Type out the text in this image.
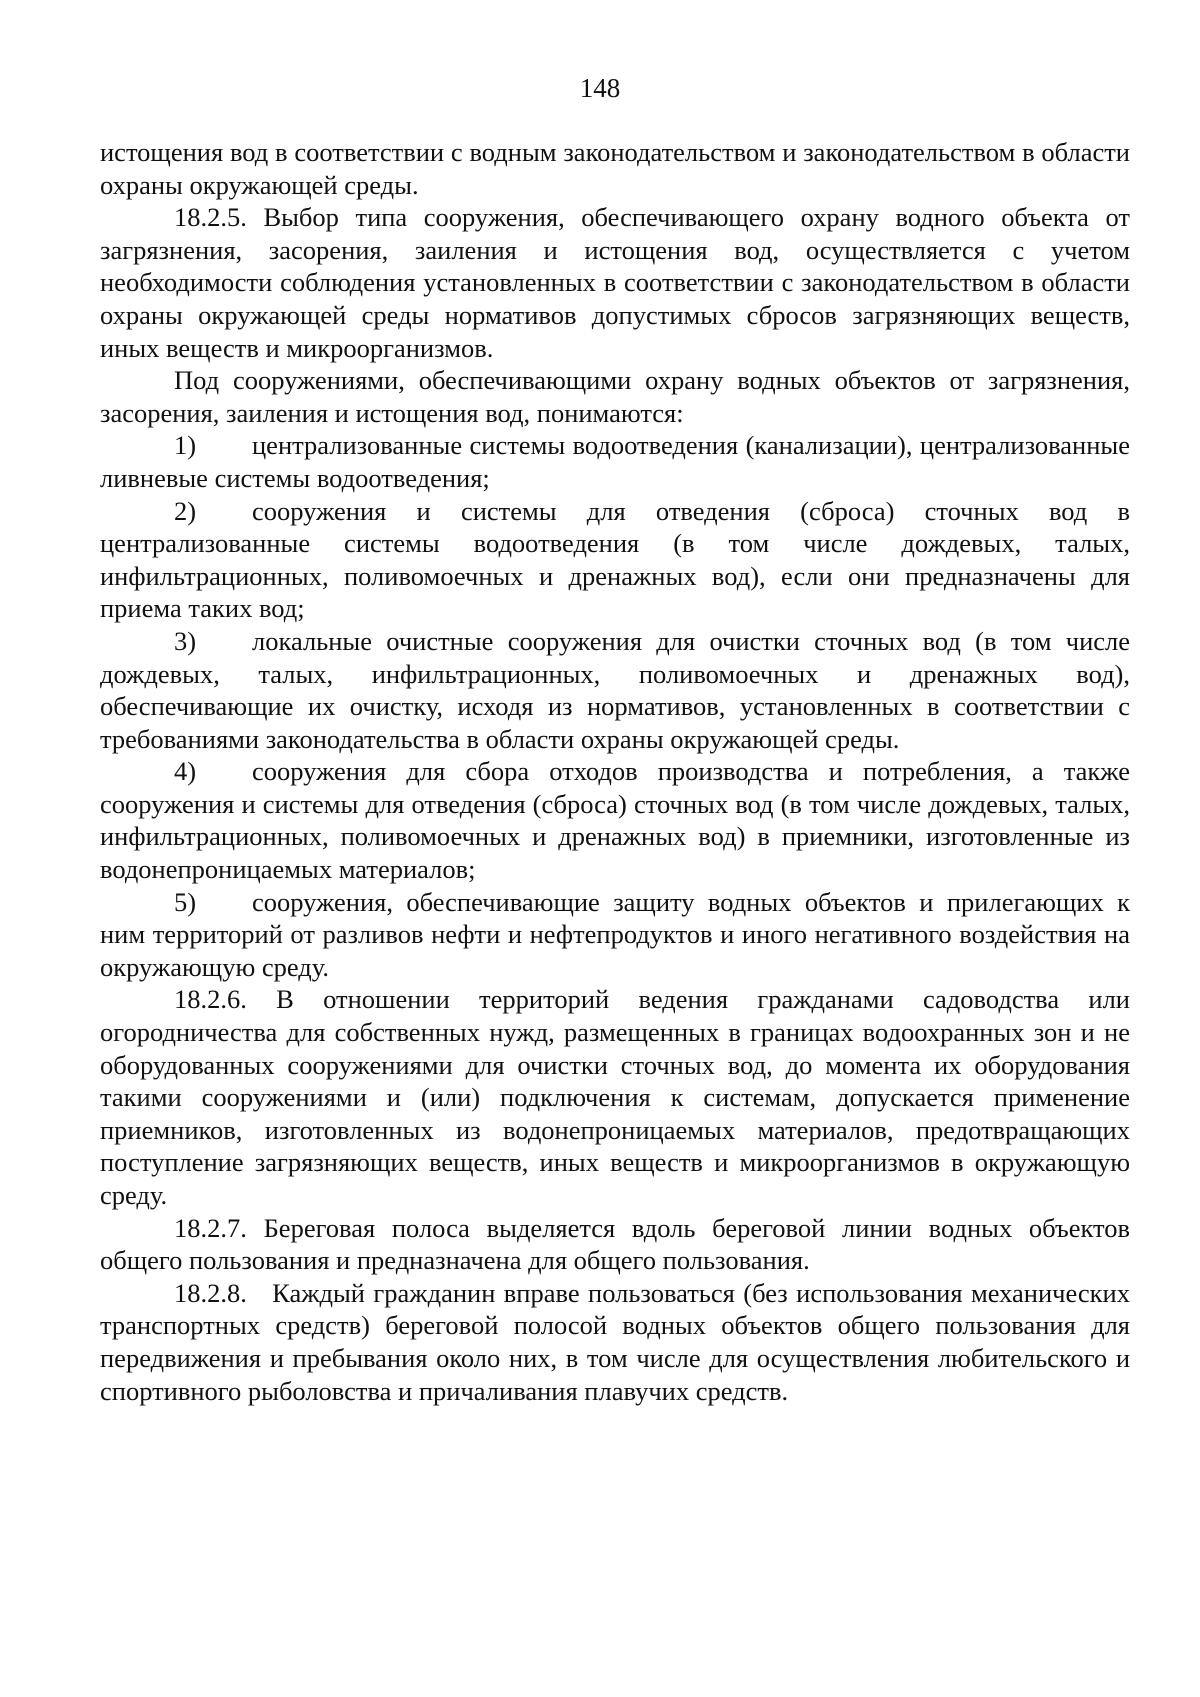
148

истощения вод в соответствии с водным законодательством и законодательством в области охраны окружающей среды.

18.2.5. Выбор типа сооружения, обеспечивающего охрану водного объекта от загрязнения, засорения, заиления и истощения вод, осуществляется с учетом необходимости соблюдения установленных в соответствии с законодательством в области охраны окружающей среды нормативов допустимых сбросов загрязняющих веществ, иных веществ и микроорганизмов.

Под сооружениями, обеспечивающими охрану водных объектов от загрязнения, засорения, заиления и истощения вод, понимаются:

1) централизованные системы водоотведения (канализации), централизованные ливневые системы водоотведения;

2) сооружения и системы для отведения (сброса) сточных вод в централизованные системы водоотведения (в том числе дождевых, талых, инфильтрационных, поливомоечных и дренажных вод), если они предназначены для приема таких вод;

3) локальные очистные сооружения для очистки сточных вод (в том числе дождевых, талых, инфильтрационных, поливомоечных и дренажных вод), обеспечивающие их очистку, исходя из нормативов, установленных в соответствии с требованиями законодательства в области охраны окружающей среды.

4) сооружения для сбора отходов производства и потребления, а также сооружения и системы для отведения (сброса) сточных вод (в том числе дождевых, талых, инфильтрационных, поливомоечных и дренажных вод) в приемники, изготовленные из водонепроницаемых материалов;

5) сооружения, обеспечивающие защиту водных объектов и прилегающих к ним территорий от разливов нефти и нефтепродуктов и иного негативного воздействия на окружающую среду.

18.2.6. В отношении территорий ведения гражданами садоводства или огородничества для собственных нужд, размещенных в границах водоохранных зон и не оборудованных сооружениями для очистки сточных вод, до момента их оборудования такими сооружениями и (или) подключения к системам, допускается применение приемников, изготовленных из водонепроницаемых материалов, предотвращающих поступление загрязняющих веществ, иных веществ и микроорганизмов в окружающую среду.

18.2.7. Береговая полоса выделяется вдоль береговой линии водных объектов общего пользования и предназначена для общего пользования.

18.2.8.   Каждый гражданин вправе пользоваться (без использования механических транспортных средств) береговой полосой водных объектов общего пользования для передвижения и пребывания около них, в том числе для осуществления любительского и спортивного рыболовства и причаливания плавучих средств.
